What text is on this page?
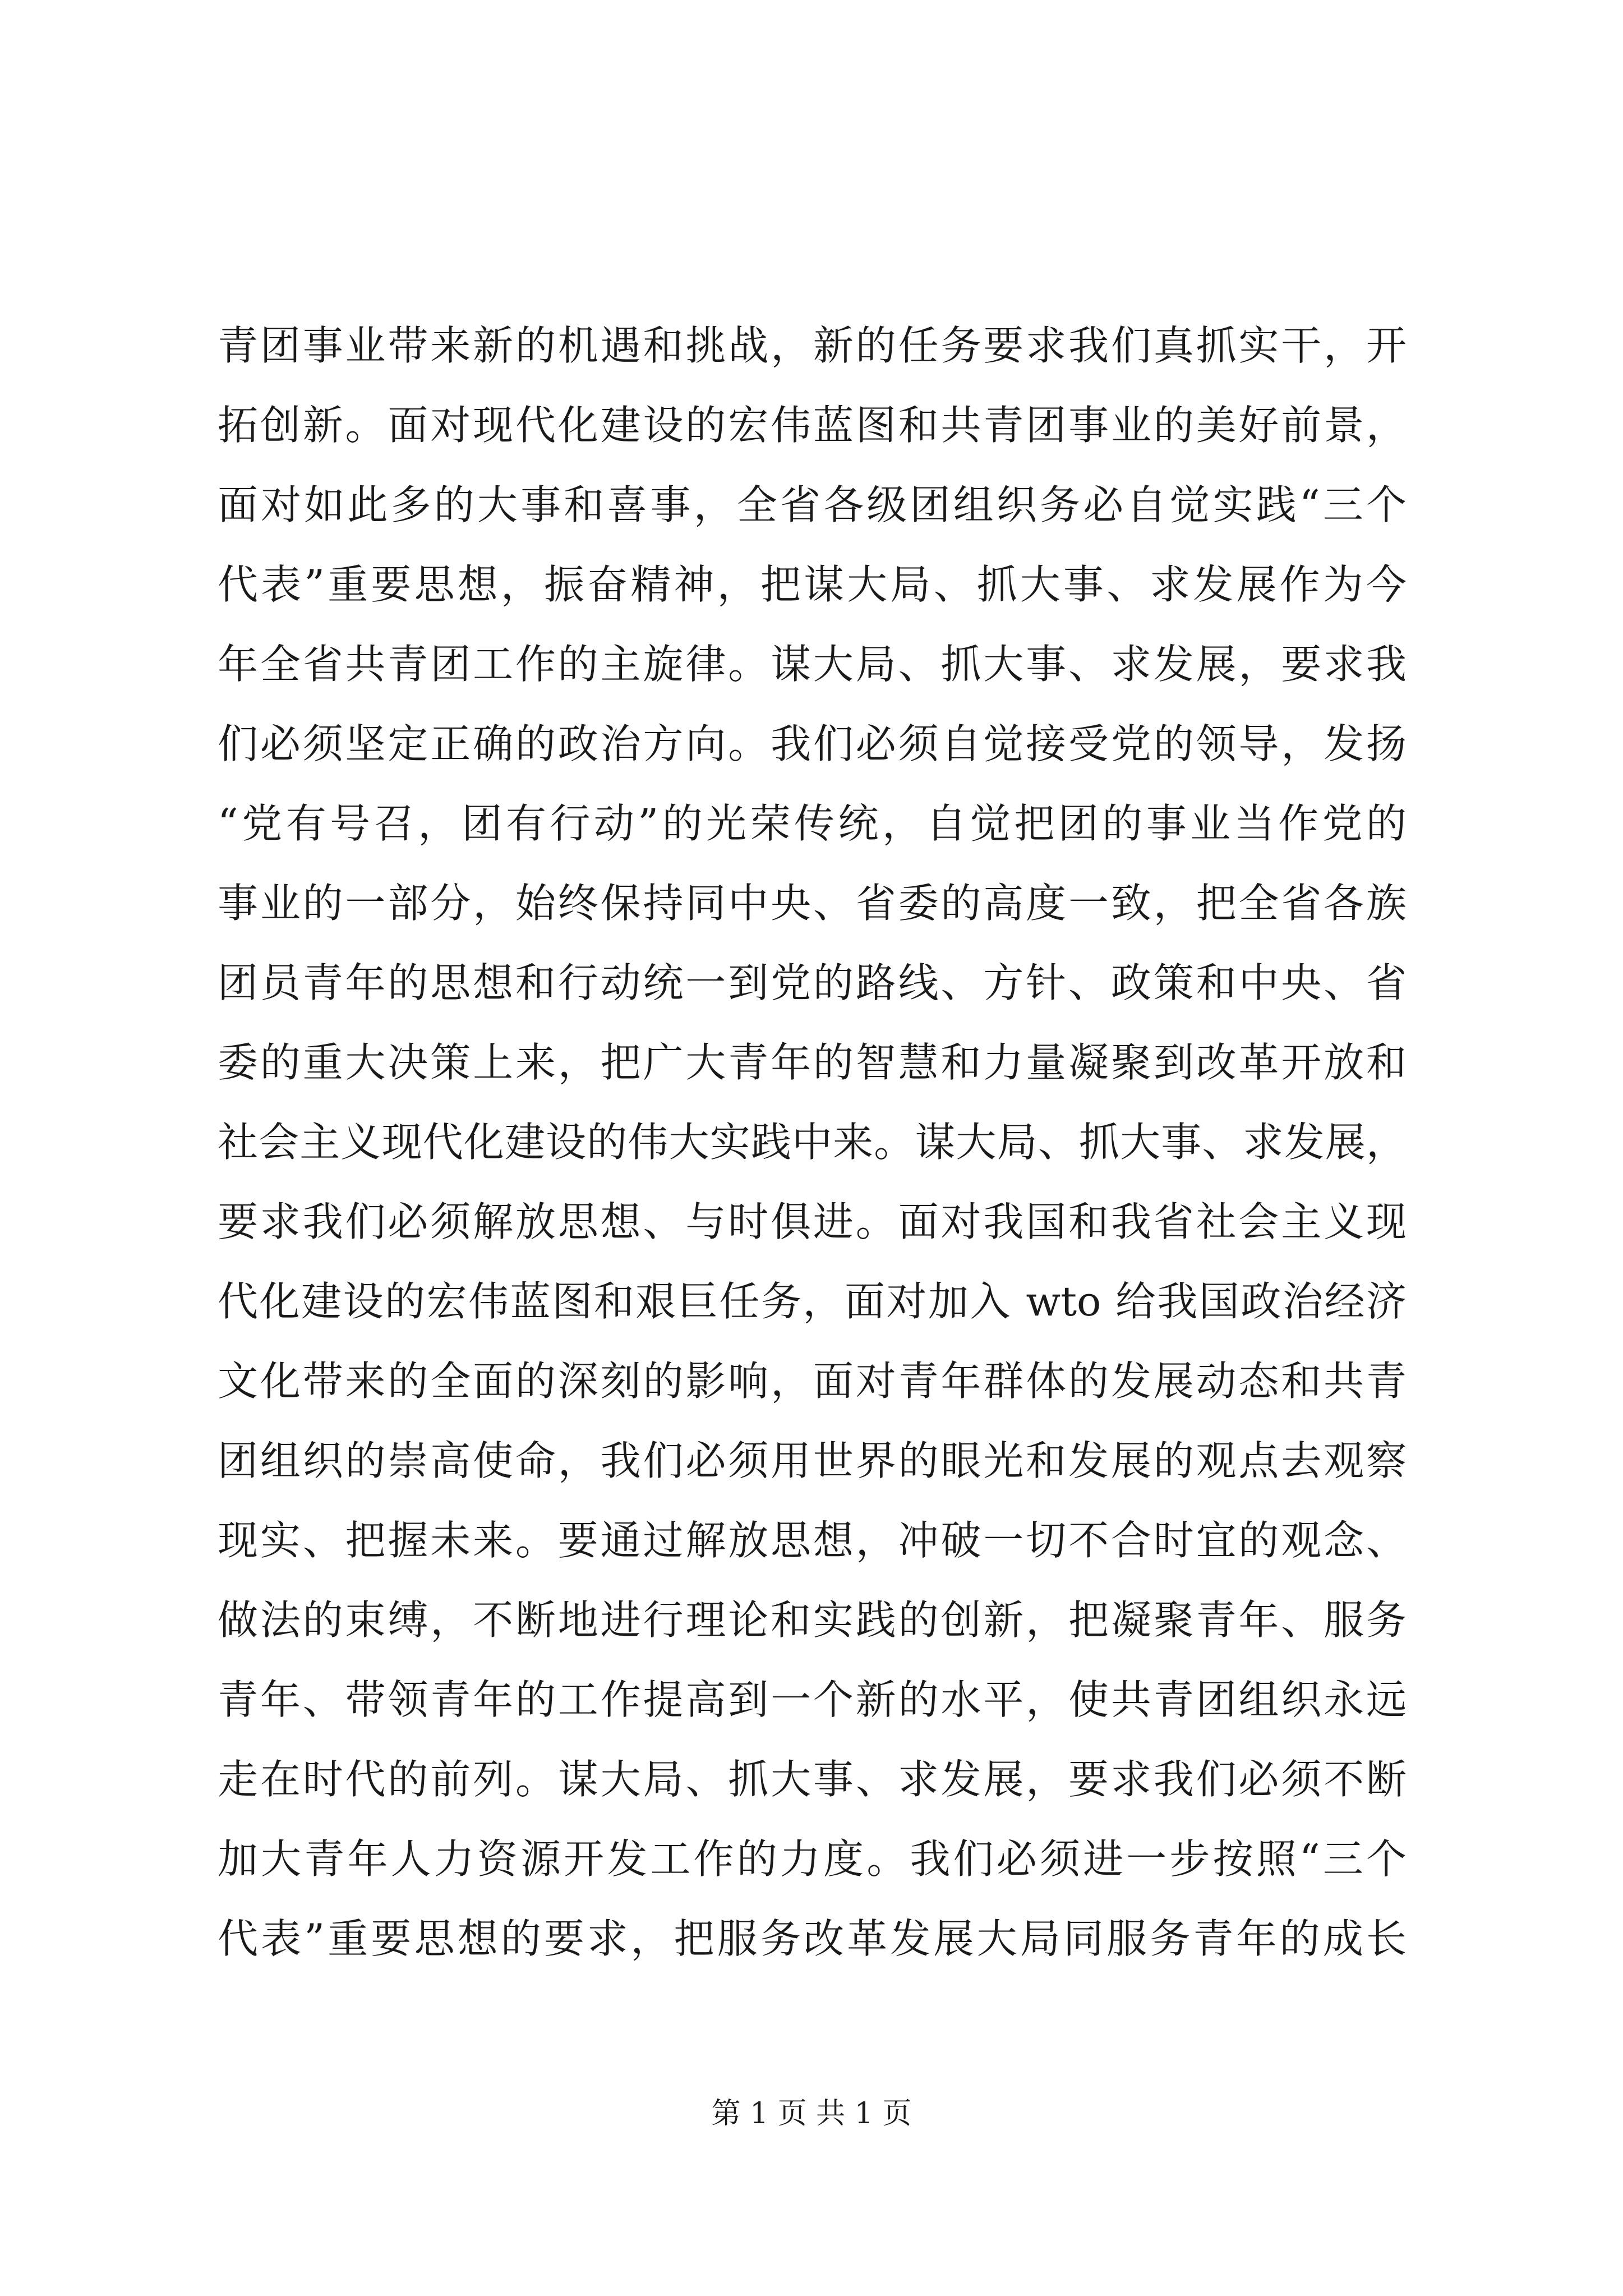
青团事业带来新的机遇和挑战，新的任务要求我们真抓实干，开
拓创新。面对现代化建设的宏伟蓝图和共青团事业的美好前景，
面对如此多的大事和喜事，全省各级团组织务必自觉实践“三个
代表”重要思想，振奋精神，把谋大局、抓大事、求发展作为今
年全省共青团工作的主旋律。谋大局、抓大事、求发展，要求我
们必须坚定正确的政治方向。我们必须自觉接受党的领导，发扬
“党有号召，团有行动”的光荣传统，自觉把团的事业当作党的
事业的一部分，始终保持同中央、省委的高度一致，把全省各族
团员青年的思想和行动统一到党的路线、方针、政策和中央、省
委的重大决策上来，把广大青年的智慧和力量凝聚到改革开放和
社会主义现代化建设的伟大实践中来。谋大局、抓大事、求发展，
要求我们必须解放思想、与时俱进。面对我国和我省社会主义现
代化建设的宏伟蓝图和艰巨任务，面对加入 wto 给我国政治经济
文化带来的全面的深刻的影响，面对青年群体的发展动态和共青
团组织的崇高使命，我们必须用世界的眼光和发展的观点去观察
现实、把握未来。要通过解放思想，冲破一切不合时宜的观念、
做法的束缚，不断地进行理论和实践的创新，把凝聚青年、服务
青年、带领青年的工作提高到一个新的水平，使共青团组织永远
走在时代的前列。谋大局、抓大事、求发展，要求我们必须不断
加大青年人力资源开发工作的力度。我们必须进一步按照“三个
代表”重要思想的要求，把服务改革发展大局同服务青年的成长
第 1 页 共 1 页
